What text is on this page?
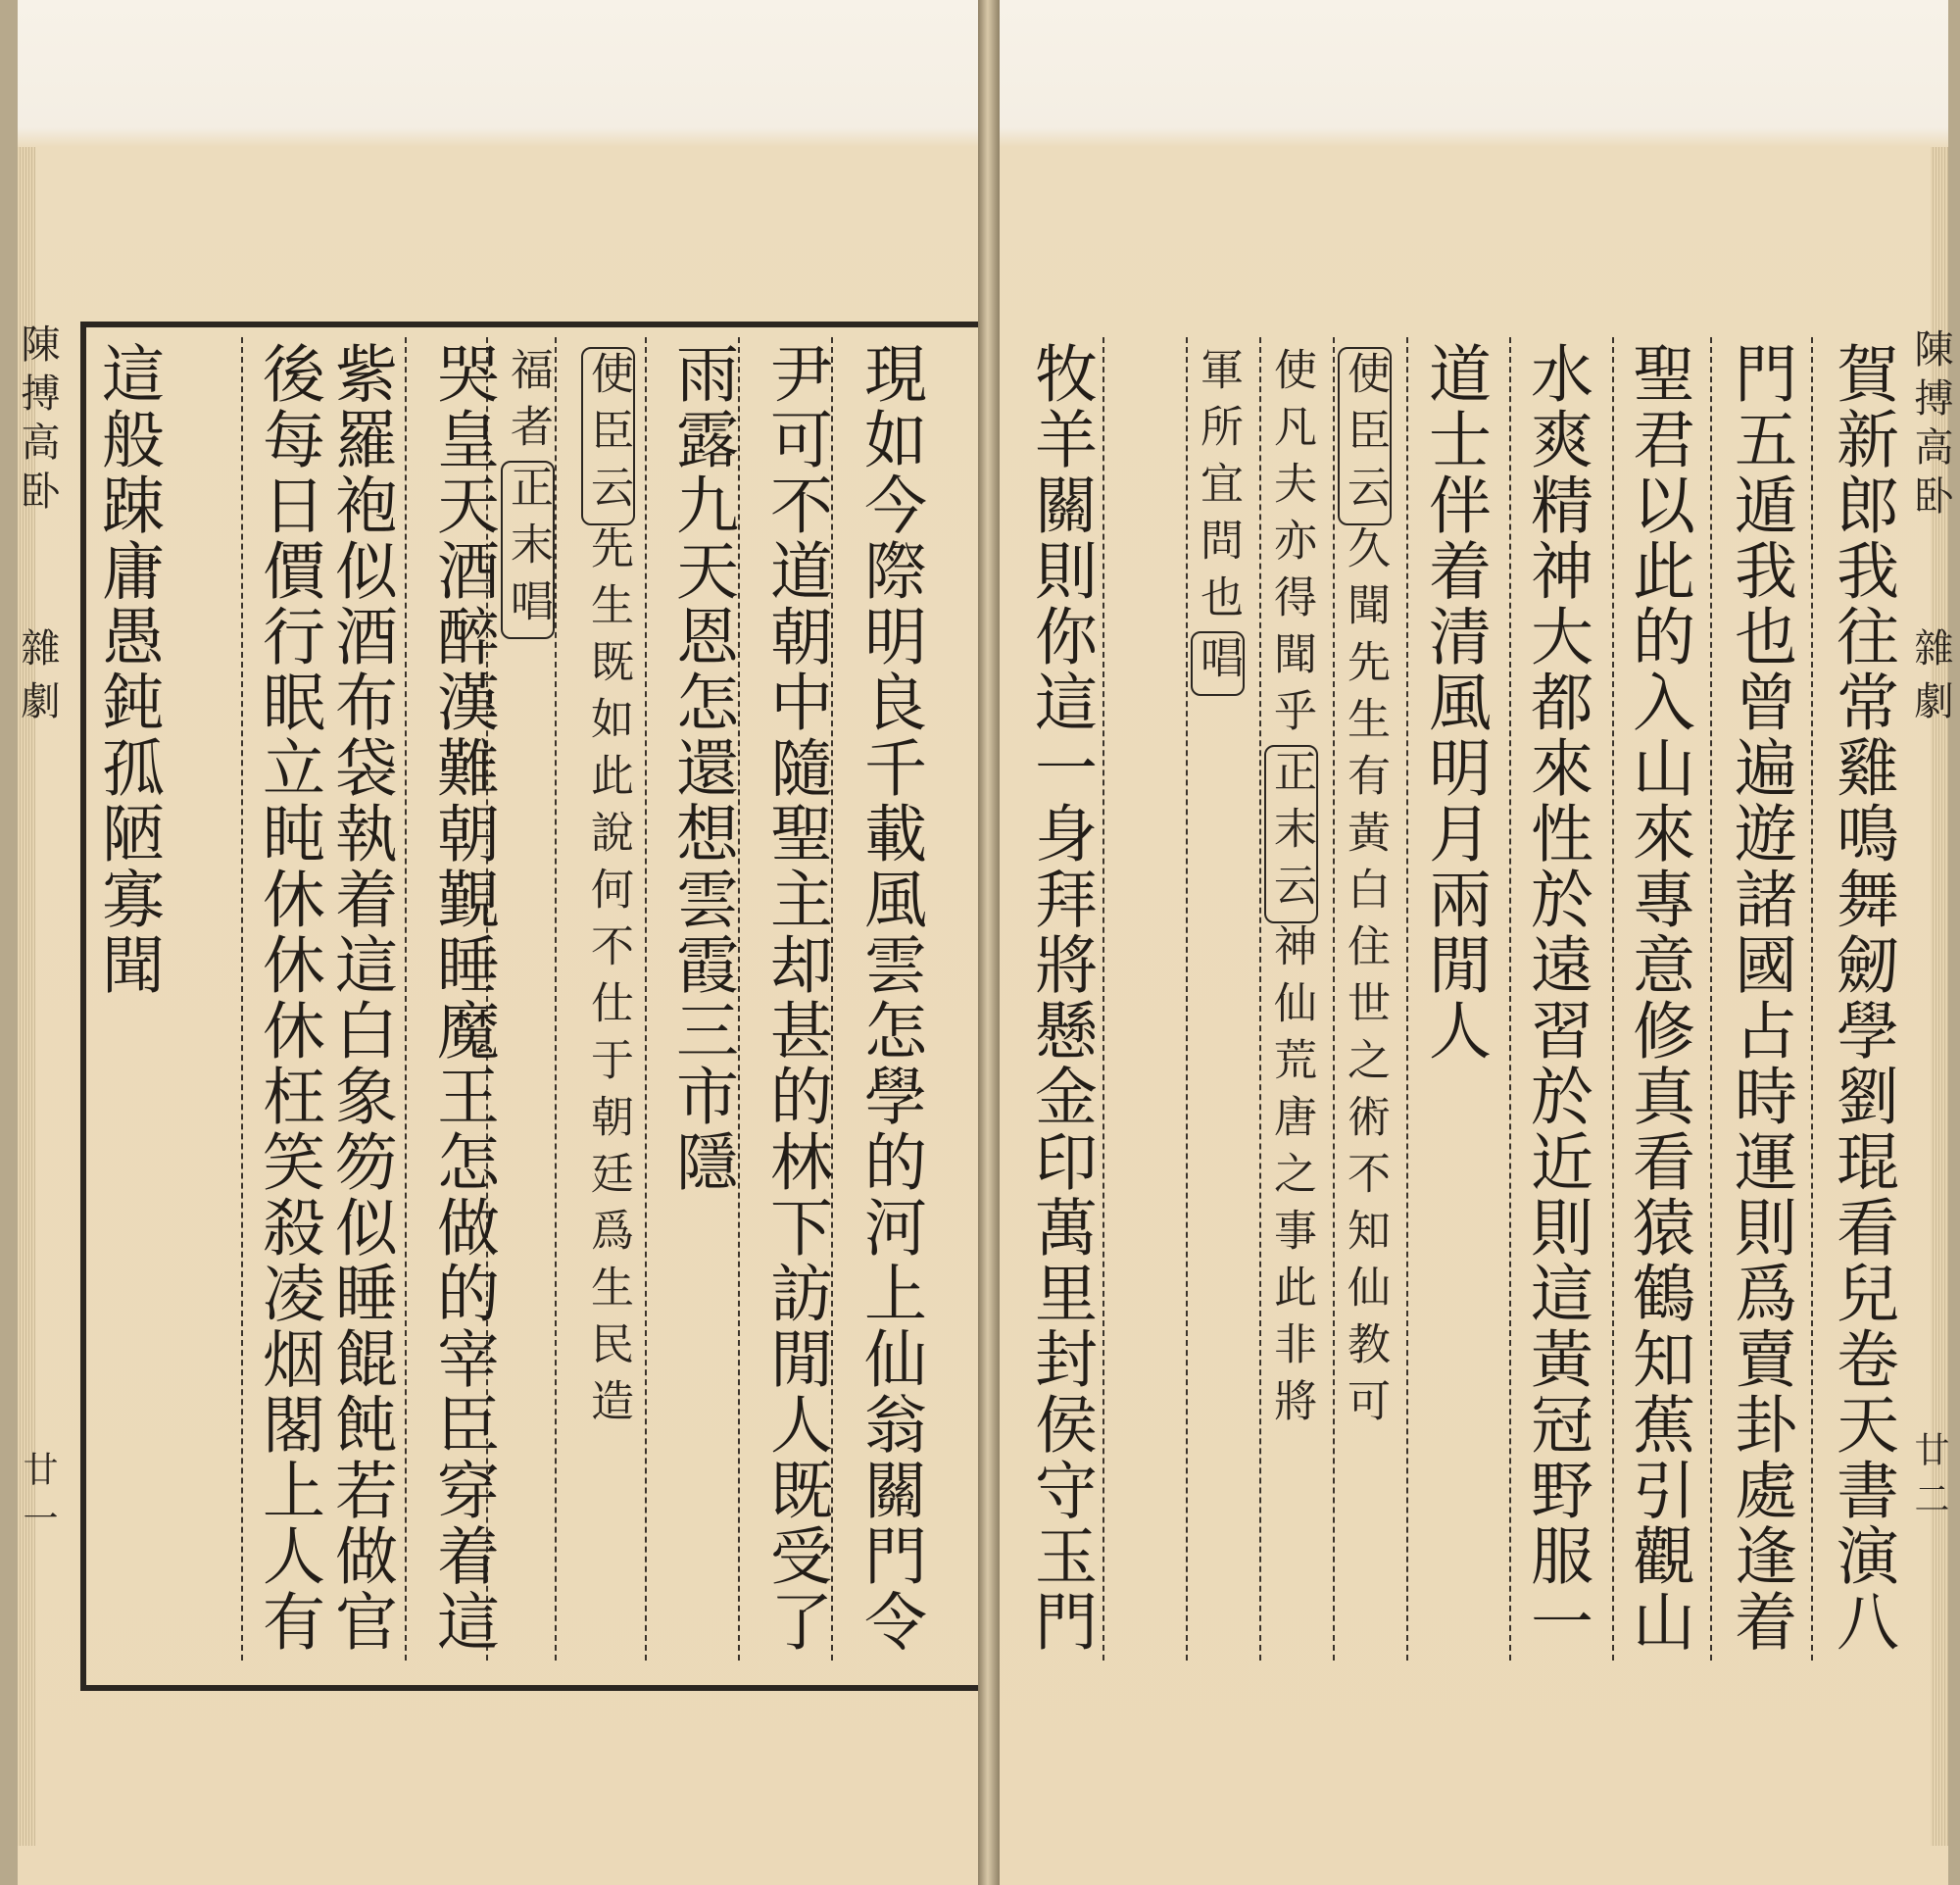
陳搏高卧
雜劇
廿一	現如今際明良千載風雲怎學的河上仙翁關門令
尹可不道朝中隨聖主却甚的林下訪閒人既受了
雨露九天恩怎還想雲霞三市隱
使臣云先生既如此說何不仕于朝廷爲生民造
福者正末唱
哭皇天酒醉漢難朝覲睡魔王怎做的宰臣穿着這
紫羅袍似酒布袋執着這白象笏似睡餛飩若做官
後每日價行眠立盹休休休枉笑殺凌烟閣上人有
這般踈庸愚鈍孤陋寡聞	賀新郎我往常雞鳴舞劒學劉琨看兒卷天書演八
門五遁我也曾遍遊諸國占時運則爲賣卦處逢着
聖君以此的入山來專意修真看猿鶴知蕉引觀山
水爽精神大都來性於遠習於近則這黃冠野服一
道士伴着清風明月兩閒人
使臣云久聞先生有黃白住世之術不知仙教可
使凡夫亦得聞乎正末云神仙荒唐之事此非將
軍所宜問也唱
牧羊關則你這一身拜將懸金印萬里封侯守玉門	陳搏高卧
雜劇
廿二
